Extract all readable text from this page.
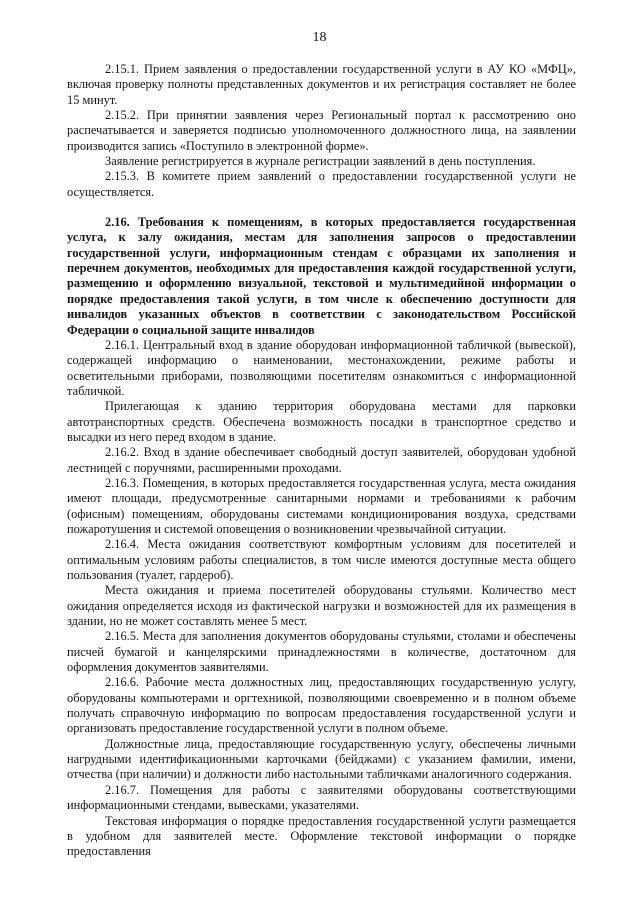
18

2.15.1. Прием заявления о предоставлении государственной услуги в АУ КО «МФЦ», включая проверку полноты представленных документов и их регистрация составляет не более 15 минут.

2.15.2. При принятии заявления через Региональный портал к рассмотрению оно распечатывается и заверяется подписью уполномоченного должностного лица, на заявлении производится запись «Поступило в электронной форме».

Заявление регистрируется в журнале регистрации заявлений в день поступления.

2.15.3. В комитете прием заявлений о предоставлении государственной услуги не осуществляется.

2.16. Требования к помещениям, в которых предоставляется государственная услуга, к залу ожидания, местам для заполнения запросов о предоставлении государственной услуги, информационным стендам с образцами их заполнения и перечнем документов, необходимых для предоставления каждой государственной услуги, размещению и оформлению визуальной, текстовой и мультимедийной информации о порядке предоставления такой услуги, в том числе к обеспечению доступности для инвалидов указанных объектов в соответствии с законодательством Российской Федерации о социальной защите инвалидов

2.16.1. Центральный вход в здание оборудован информационной табличкой (вывеской), содержащей информацию о наименовании, местонахождении, режиме работы и осветительными приборами, позволяющими посетителям ознакомиться с информационной табличкой.

Прилегающая к зданию территория оборудована местами для парковки автотранспортных средств. Обеспечена возможность посадки в транспортное средство и высадки из него перед входом в здание.

2.16.2. Вход в здание обеспечивает свободный доступ заявителей, оборудован удобной лестницей с поручнями, расширенными проходами.

2.16.3. Помещения, в которых предоставляется государственная услуга, места ожидания имеют площади, предусмотренные санитарными нормами и требованиями к рабочим (офисным) помещениям, оборудованы системами кондиционирования воздуха, средствами пожаротушения и системой оповещения о возникновении чрезвычайной ситуации.

2.16.4. Места ожидания соответствуют комфортным условиям для посетителей и оптимальным условиям работы специалистов, в том числе имеются доступные места общего пользования (туалет, гардероб).

Места ожидания и приема посетителей оборудованы стульями. Количество мест ожидания определяется исходя из фактической нагрузки и возможностей для их размещения в здании, но не может составлять менее 5 мест.

2.16.5. Места для заполнения документов оборудованы стульями, столами и обеспечены писчей бумагой и канцелярскими принадлежностями в количестве, достаточном для оформления документов заявителями.

2.16.6. Рабочие места должностных лиц, предоставляющих государственную услугу, оборудованы компьютерами и оргтехникой, позволяющими своевременно и в полном объеме получать справочную информацию по вопросам предоставления государственной услуги и организовать предоставление государственной услуги в полном объеме.

Должностные лица, предоставляющие государственную услугу, обеспечены личными нагрудными идентификационными карточками (бейджами) с указанием фамилии, имени, отчества (при наличии) и должности либо настольными табличками аналогичного содержания.

2.16.7. Помещения для работы с заявителями оборудованы соответствующими информационными стендами, вывесками, указателями.

Текстовая информация о порядке предоставления государственной услуги размещается в удобном для заявителей месте. Оформление текстовой информации о порядке предоставления
